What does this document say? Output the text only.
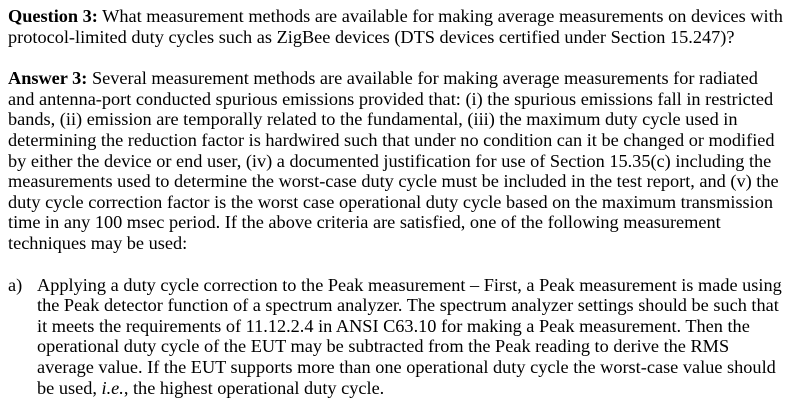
Question 3: What measurement methods are available for making average measurements on devices with protocol-limited duty cycles such as ZigBee devices (DTS devices certified under Section 15.247)?

Answer 3: Several measurement methods are available for making average measurements for radiated and antenna-port conducted spurious emissions provided that: (i) the spurious emissions fall in restricted bands, (ii) emission are temporally related to the fundamental, (iii) the maximum duty cycle used in determining the reduction factor is hardwired such that under no condition can it be changed or modified by either the device or end user, (iv) a documented justification for use of Section 15.35(c) including the measurements used to determine the worst-case duty cycle must be included in the test report, and (v) the duty cycle correction factor is the worst case operational duty cycle based on the maximum transmission time in any 100 msec period. If the above criteria are satisfied, one of the following measurement techniques may be used:

a) Applying a duty cycle correction to the Peak measurement – First, a Peak measurement is made using the Peak detector function of a spectrum analyzer. The spectrum analyzer settings should be such that it meets the requirements of 11.12.2.4 in ANSI C63.10 for making a Peak measurement. Then the operational duty cycle of the EUT may be subtracted from the Peak reading to derive the RMS average value. If the EUT supports more than one operational duty cycle the worst-case value should be used, i.e., the highest operational duty cycle.
